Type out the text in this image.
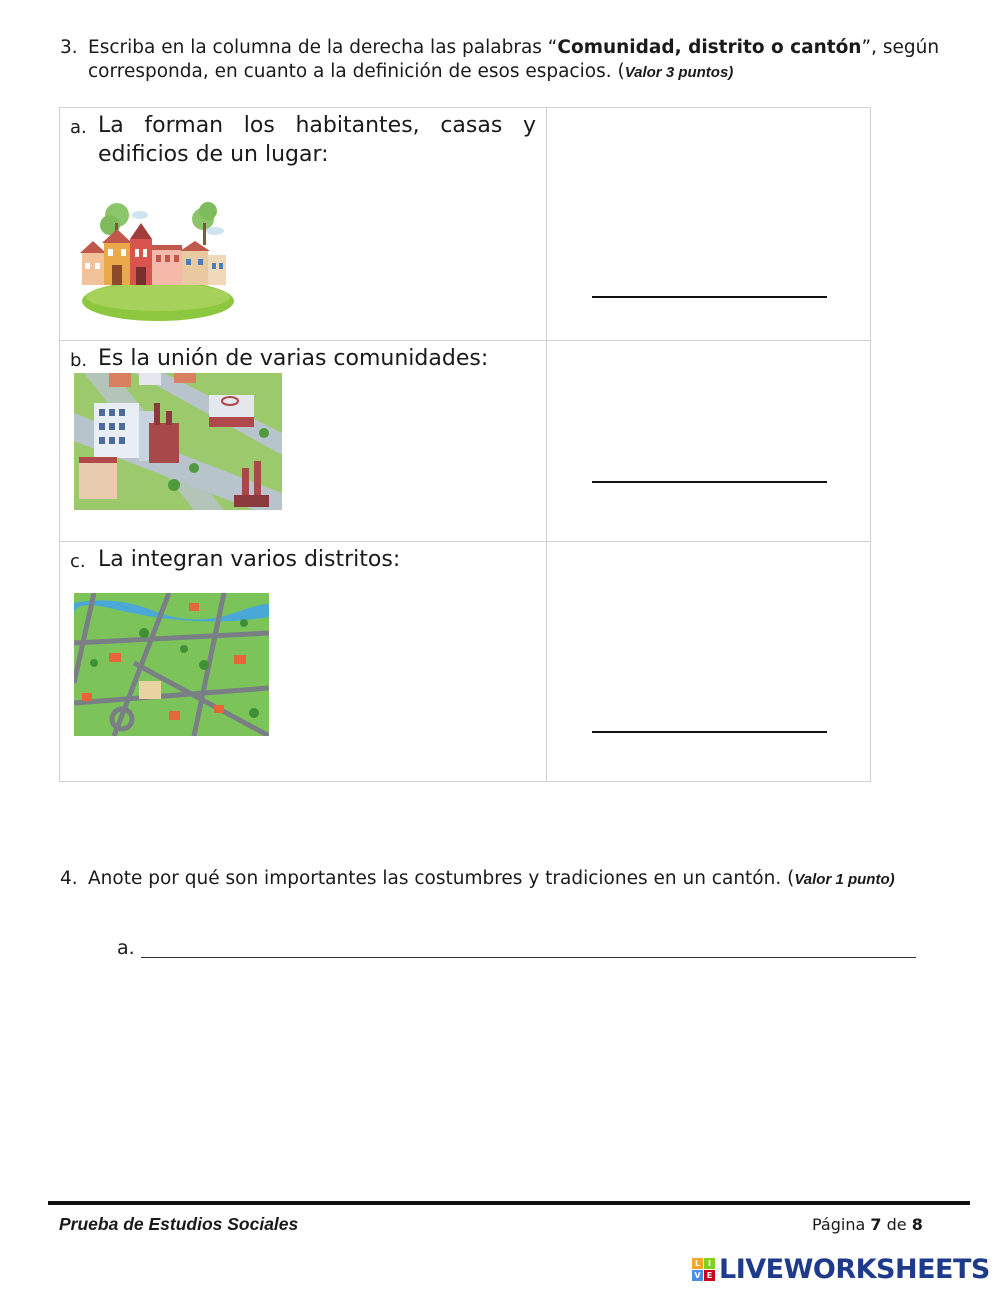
3. Escriba en la columna de la derecha las palabras “Comunidad, distrito o cantón”, según corresponda, en cuanto a la definición de esos espacios. (Valor 3 puntos)
a. La forman los habitantes, casas y edificios de un lugar:	

b. Es la unión de varias comunidades:	

c. La integran varios distritos:	

4. Anote por qué son importantes las costumbres y tradiciones en un cantón. (Valor 1 punto)
a.
Prueba de Estudios Sociales	Página 7 de 8
L I
V E LIVEWORKSHEETS
